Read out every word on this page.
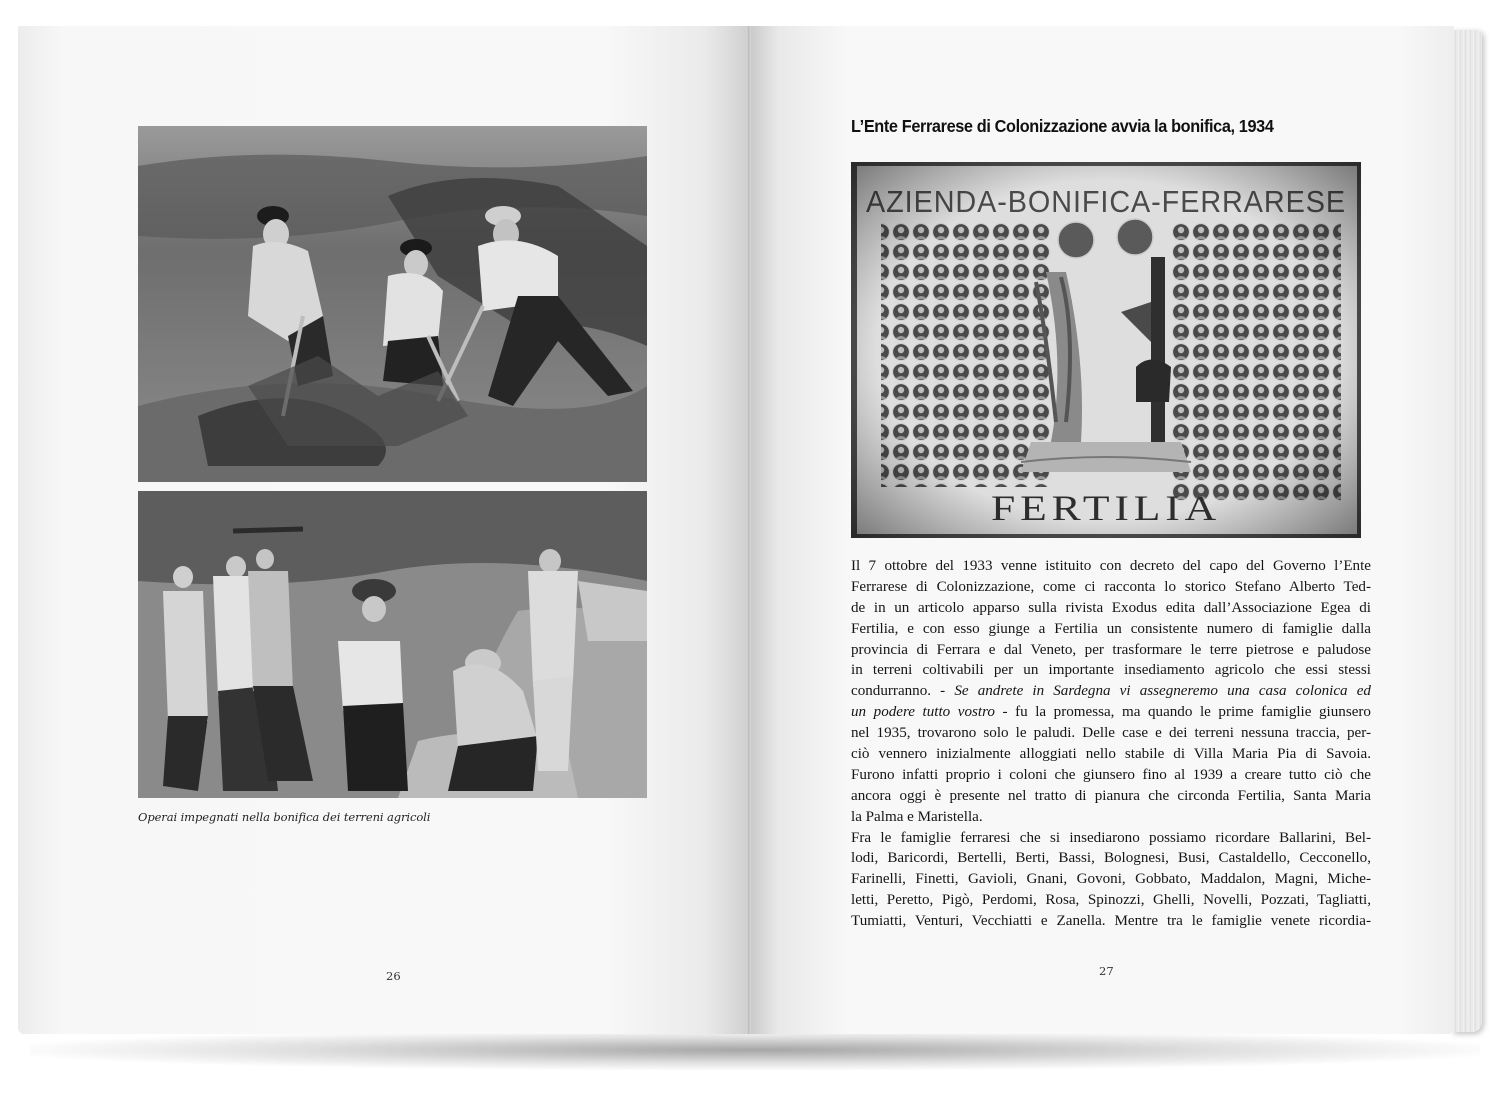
Operai impegnati nella bonifica dei terreni agricoli
26
L’Ente Ferrarese di Colonizzazione avvia la bonifica, 1934
Il 7 ottobre del 1933 venne istituito con decreto del capo del Governo l’Ente
Ferrarese di Colonizzazione, come ci racconta lo storico Stefano Alberto Ted-
de in un articolo apparso sulla rivista Exodus edita dall’Associazione Egea di
Fertilia, e con esso giunge a Fertilia un consistente numero di famiglie dalla
provincia di Ferrara e dal Veneto, per trasformare le terre pietrose e paludose
in terreni coltivabili per un importante insediamento agricolo che essi stessi
condurranno. - Se andrete in Sardegna vi assegneremo una casa colonica ed
un podere tutto vostro - fu la promessa, ma quando le prime famiglie giunsero
nel 1935, trovarono solo le paludi. Delle case e dei terreni nessuna traccia, per-
ciò vennero inizialmente alloggiati nello stabile di Villa Maria Pia di Savoia.
Furono infatti proprio i coloni che giunsero fino al 1939 a creare tutto ciò che
ancora oggi è presente nel tratto di pianura che circonda Fertilia, Santa Maria
la Palma e Maristella.
Fra le famiglie ferraresi che si insediarono possiamo ricordare Ballarini, Bel-
lodi, Baricordi, Bertelli, Berti, Bassi, Bolognesi, Busi, Castaldello, Cecconello,
Farinelli, Finetti, Gavioli, Gnani, Govoni, Gobbato, Maddalon, Magni, Miche-
letti, Peretto, Pigò, Perdomi, Rosa, Spinozzi, Ghelli, Novelli, Pozzati, Tagliatti,
Tumiatti, Venturi, Vecchiatti e Zanella. Mentre tra le famiglie venete ricordia-
27
